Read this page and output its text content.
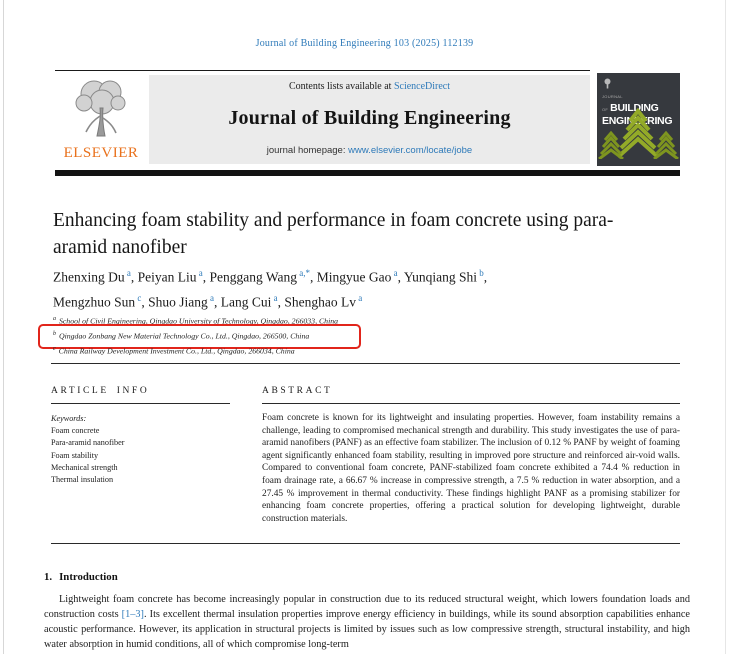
Journal of Building Engineering 103 (2025) 112139
ELSEVIER
Contents lists available at ScienceDirect
Journal of Building Engineering
journal homepage: www.elsevier.com/locate/jobe
JOURNAL OF BUILDING
ENGINEERING
Enhancing foam stability and performance in foam concrete using para-aramid nanofiber
Zhenxing Du $^a$, Peiyan Liu $^a$, Penggang Wang $^{a,*}$, Mingyue Gao $^a$, Yunqiang Shi $^b$,
Mengzhuo Sun $^c$, Shuo Jiang $^a$, Lang Cui $^a$, Shenghao Lv $^a$
$^a$ School of Civil Engineering, Qingdao University of Technology, Qingdao, 266033, China
$^b$ Qingdao Zonbang New Material Technology Co., Ltd., Qingdao, 266500, China
$^c$ China Railway Development Investment Co., Ltd., Qingdao, 266034, China
ARTICLE INFO	ABSTRACT
Keywords:
Foam concrete
Para-aramid nanofiber
Foam stability
Mechanical strength
Thermal insulation
Foam concrete is known for its lightweight and insulating properties. However, foam instability remains a challenge, leading to compromised mechanical strength and durability. This study investigates the use of para-aramid nanofibers (PANF) as an effective foam stabilizer. The inclusion of 0.12 % PANF by weight of foaming agent significantly enhanced foam stability, resulting in improved pore structure and reinforced air-void walls. Compared to conventional foam concrete, PANF-stabilized foam concrete exhibited a 74.4 % reduction in foam drainage rate, a 66.67 % increase in compressive strength, a 7.5 % reduction in water absorption, and a 27.45 % improvement in thermal conductivity. These findings highlight PANF as a promising stabilizer for enhancing foam concrete properties, offering a practical solution for developing lightweight, durable construction materials.
1. Introduction

Lightweight foam concrete has become increasingly popular in construction due to its reduced structural weight, which lowers foundation loads and construction costs [1–3]. Its excellent thermal insulation properties improve energy efficiency in buildings, while its sound absorption capabilities enhance acoustic performance. However, its application in structural projects is limited by issues such as low compressive strength, structural instability, and high water absorption in humid conditions, all of which compromise long-term
